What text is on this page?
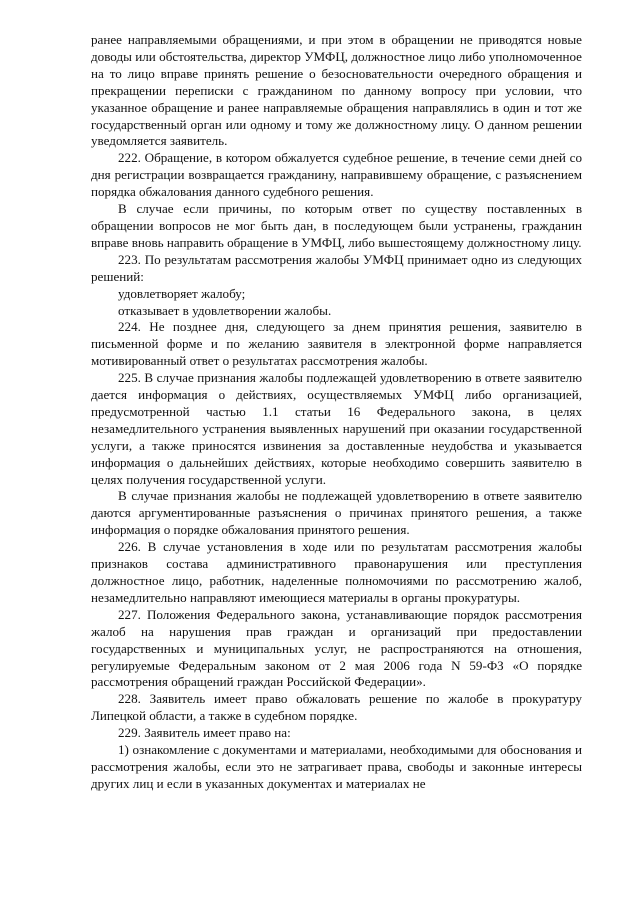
ранее направляемыми обращениями, и при этом в обращении не приводятся новые доводы или обстоятельства, директор УМФЦ, должностное лицо либо уполномоченное на то лицо вправе принять решение о безосновательности очередного обращения и прекращении переписки с гражданином по данному вопросу при условии, что указанное обращение и ранее направляемые обращения направлялись в один и тот же государственный орган или одному и тому же должностному лицу. О данном решении уведомляется заявитель.

222. Обращение, в котором обжалуется судебное решение, в течение семи дней со дня регистрации возвращается гражданину, направившему обращение, с разъяснением порядка обжалования данного судебного решения.

В случае если причины, по которым ответ по существу поставленных в обращении вопросов не мог быть дан, в последующем были устранены, гражданин вправе вновь направить обращение в УМФЦ, либо вышестоящему должностному лицу.

223. По результатам рассмотрения жалобы УМФЦ принимает одно из следующих решений:

удовлетворяет жалобу;

отказывает в удовлетворении жалобы.

224. Не позднее дня, следующего за днем принятия решения, заявителю в письменной форме и по желанию заявителя в электронной форме направляется мотивированный ответ о результатах рассмотрения жалобы.

225. В случае признания жалобы подлежащей удовлетворению в ответе заявителю дается информация о действиях, осуществляемых УМФЦ либо организацией, предусмотренной частью 1.1 статьи 16 Федерального закона, в целях незамедлительного устранения выявленных нарушений при оказании государственной услуги, а также приносятся извинения за доставленные неудобства и указывается информация о дальнейших действиях, которые необходимо совершить заявителю в целях получения государственной услуги.

В случае признания жалобы не подлежащей удовлетворению в ответе заявителю даются аргументированные разъяснения о причинах принятого решения, а также информация о порядке обжалования принятого решения.

226. В случае установления в ходе или по результатам рассмотрения жалобы признаков состава административного правонарушения или преступления должностное лицо, работник, наделенные полномочиями по рассмотрению жалоб, незамедлительно направляют имеющиеся материалы в органы прокуратуры.

227. Положения Федерального закона, устанавливающие порядок рассмотрения жалоб на нарушения прав граждан и организаций при предоставлении государственных и муниципальных услуг, не распространяются на отношения, регулируемые Федеральным законом от 2 мая 2006 года N 59-ФЗ «О порядке рассмотрения обращений граждан Российской Федерации».

228. Заявитель имеет право обжаловать решение по жалобе в прокуратуру Липецкой области, а также в судебном порядке.

229. Заявитель имеет право на:

1) ознакомление с документами и материалами, необходимыми для обоснования и рассмотрения жалобы, если это не затрагивает права, свободы и законные интересы других лиц и если в указанных документах и материалах не
